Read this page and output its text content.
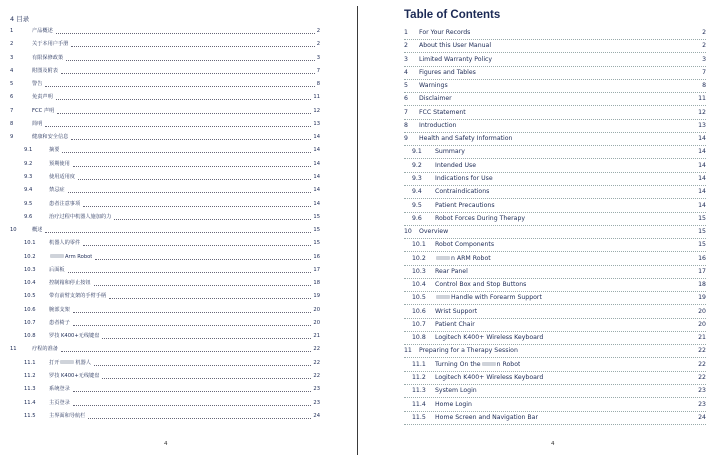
4 目录	Table of Contents
1	产品概述	2
2	关于本用户手册	2
3	有限保修政策	3
4	附图及附表	7
5	警告	8
6	免责声明	11
7	FCC 声明	12
8	简明	13
9	健康和安全信息	14
9.1	摘要	14
9.2	预期使用	14
9.3	使用适用度	14
9.4	禁忌症	14
9.5	患者注意事项	14
9.6	治疗过程中机器人施加的力	15
10	概述	15
10.1	机器人的零件	15
10.2	Arm Robot	16
10.3	后面板	17
10.4	控制箱和停止按钮	18
10.5	带有前臂支架的手臂手柄	19
10.6	腕部支架	20
10.7	患者椅子	20
10.8	罗技 K400+无线键盘	21
11	疗程的准备	22
11.1	打开	机器人	22
11.2	罗技 K400+无线键盘	22
11.3	系统登录	23
11.4	主页登录	23
11.5	主界面和导航栏	24
1	For Your Records	2
2	About this User Manual	2
3	Limited Warranty Policy	3
4	Figures and Tables	7
5	Warnings	8
6	Disclaimer	11
7	FCC Statement	12
8	Introduction	13
9	Health and Safety Information	14
9.1	Summary	14
9.2	Intended Use	14
9.3	Indications for Use	14
9.4	Contraindications	14
9.5	Patient Precautions	14
9.6	Robot Forces During Therapy	15
10	Overview	15
10.1	Robot Components	15
10.2	n ARM Robot	16
10.3	Rear Panel	17
10.4	Control Box and Stop Buttons	18
10.5	Handle with Forearm Support	19
10.6	Wrist Support	20
10.7	Patient Chair	20
10.8	Logitech K400+ Wireless Keyboard	21
11	Preparing for a Therapy Session	22
11.1	Turning On the	n Robot	22
11.2	Logitech K400+ Wireless Keyboard	22
11.3	System Login	23
11.4	Home Login	23
11.5	Home Screen and Navigation Bar	24
4	4
